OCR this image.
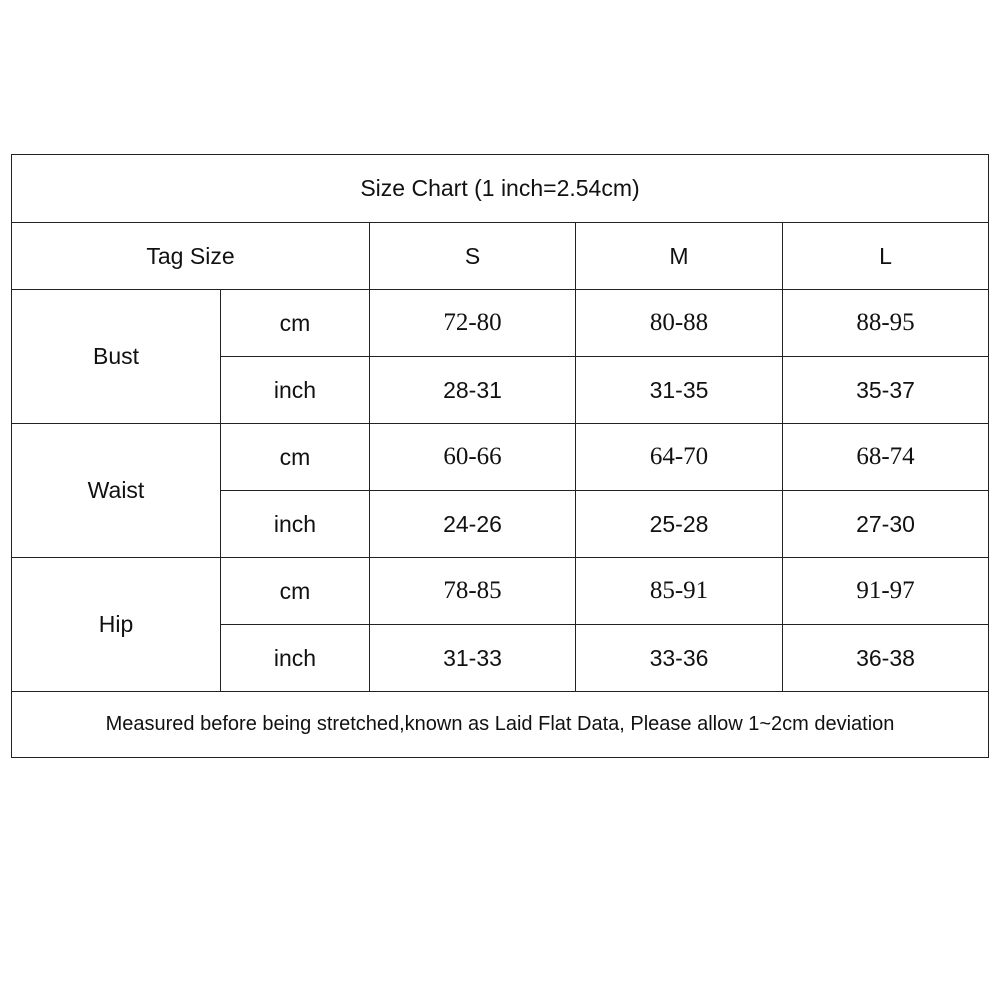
Size Chart (1 inch=2.54cm)				
Tag Size		S	M	L
Bust	cm	72-80	80-88	88-95
	inch	28-31	31-35	35-37
Waist	cm	60-66	64-70	68-74
	inch	24-26	25-28	27-30
Hip	cm	78-85	85-91	91-97
	inch	31-33	33-36	36-38
Measured before being stretched,known as Laid Flat Data, Please allow 1~2cm deviation				
